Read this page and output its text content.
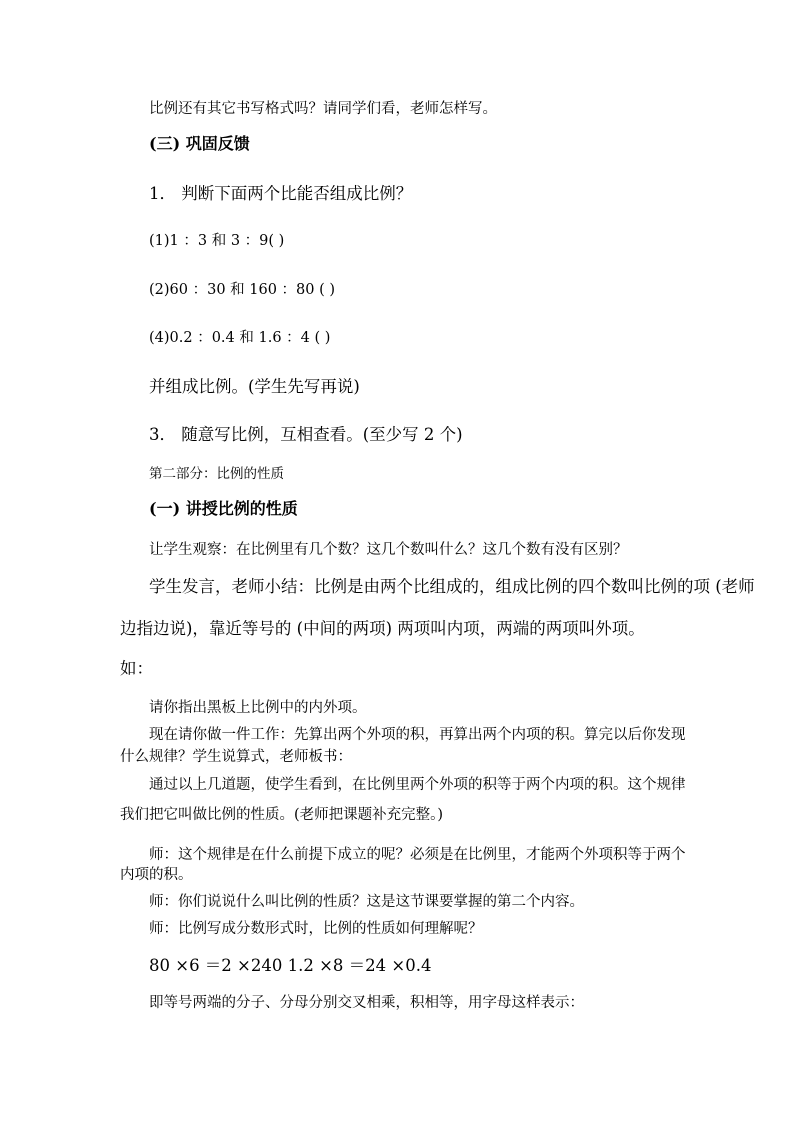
比例还有其它书写格式吗？请同学们看，老师怎样写。
(三) 巩固反馈
1． 判断下面两个比能否组成比例？
(1)1 ：3 和 3 ：9( )
(2)60 ：30 和 160 ：80 ( )
(4)0.2 ：0.4 和 1.6 ：4 ( )
并组成比例。(学生先写再说)
3． 随意写比例，互相查看。(至少写 2 个)
第二部分：比例的性质
(一) 讲授比例的性质
让学生观察：在比例里有几个数？这几个数叫什么？这几个数有没有区别？
学生发言，老师小结：比例是由两个比组成的，组成比例的四个数叫比例的项 (老师
边指边说)，靠近等号的 (中间的两项) 两项叫内项，两端的两项叫外项。
如：
请你指出黑板上比例中的内外项。
现在请你做一件工作：先算出两个外项的积，再算出两个内项的积。算完以后你发现
什么规律？学生说算式，老师板书：
通过以上几道题，使学生看到，在比例里两个外项的积等于两个内项的积。这个规律
我们把它叫做比例的性质。(老师把课题补充完整。)
师：这个规律是在什么前提下成立的呢？必须是在比例里，才能两个外项积等于两个
内项的积。
师：你们说说什么叫比例的性质？这是这节课要掌握的第二个内容。
师：比例写成分数形式时，比例的性质如何理解呢？
80 ×6 ＝2 ×240 1.2 ×8 ＝24 ×0.4
即等号两端的分子、分母分别交叉相乘，积相等，用字母这样表示：
